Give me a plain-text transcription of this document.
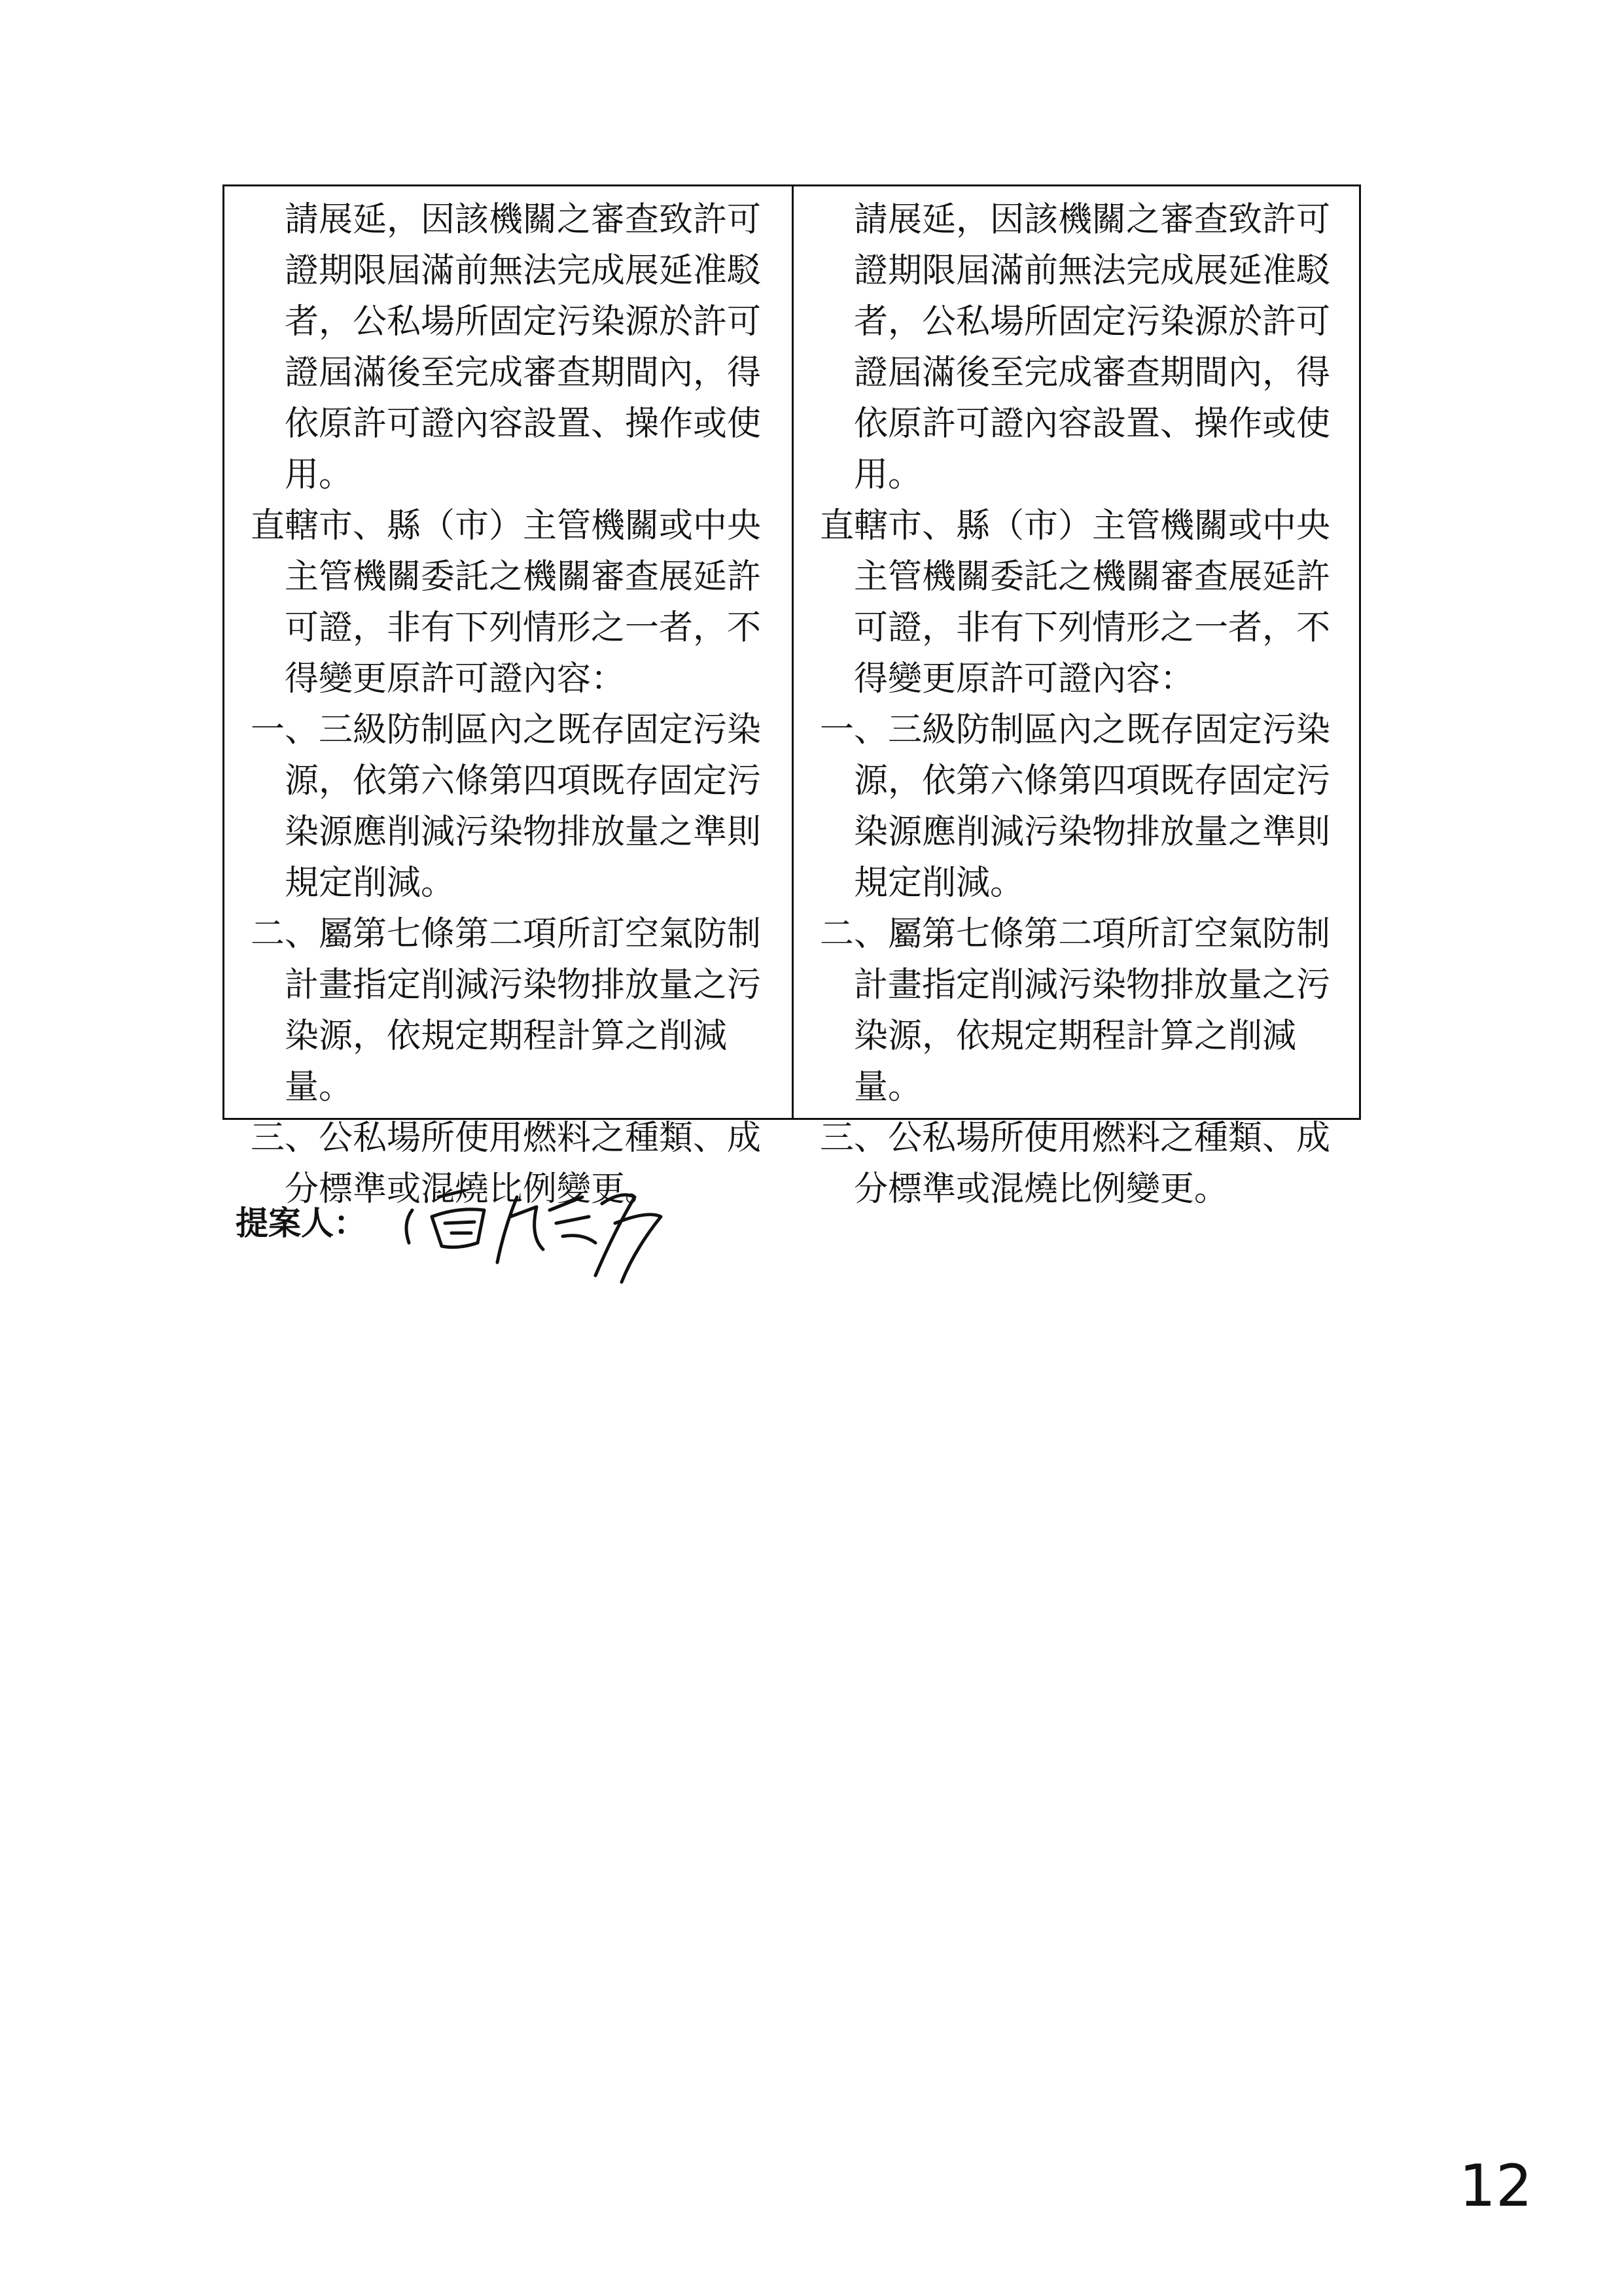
請展延，因該機關之審查致許可證期限屆滿前無法完成展延准駁者，公私場所固定污染源於許可證屆滿後至完成審查期間內，得依原許可證內容設置、操作或使用。

直轄市、縣（市）主管機關或中央主管機關委託之機關審查展延許可證，非有下列情形之一者，不得變更原許可證內容：

一、三級防制區內之既存固定污染源，依第六條第四項既存固定污染源應削減污染物排放量之準則規定削減。

二、屬第七條第二項所訂空氣防制計畫指定削減污染物排放量之污染源，依規定期程計算之削減量。

三、公私場所使用燃料之種類、成分標準或混燒比例變更。

請展延，因該機關之審查致許可證期限屆滿前無法完成展延准駁者，公私場所固定污染源於許可證屆滿後至完成審查期間內，得依原許可證內容設置、操作或使用。

直轄市、縣（市）主管機關或中央主管機關委託之機關審查展延許可證，非有下列情形之一者，不得變更原許可證內容：

一、三級防制區內之既存固定污染源，依第六條第四項既存固定污染源應削減污染物排放量之準則規定削減。

二、屬第七條第二項所訂空氣防制計畫指定削減污染物排放量之污染源，依規定期程計算之削減量。

三、公私場所使用燃料之種類、成分標準或混燒比例變更。

提案人：
12
